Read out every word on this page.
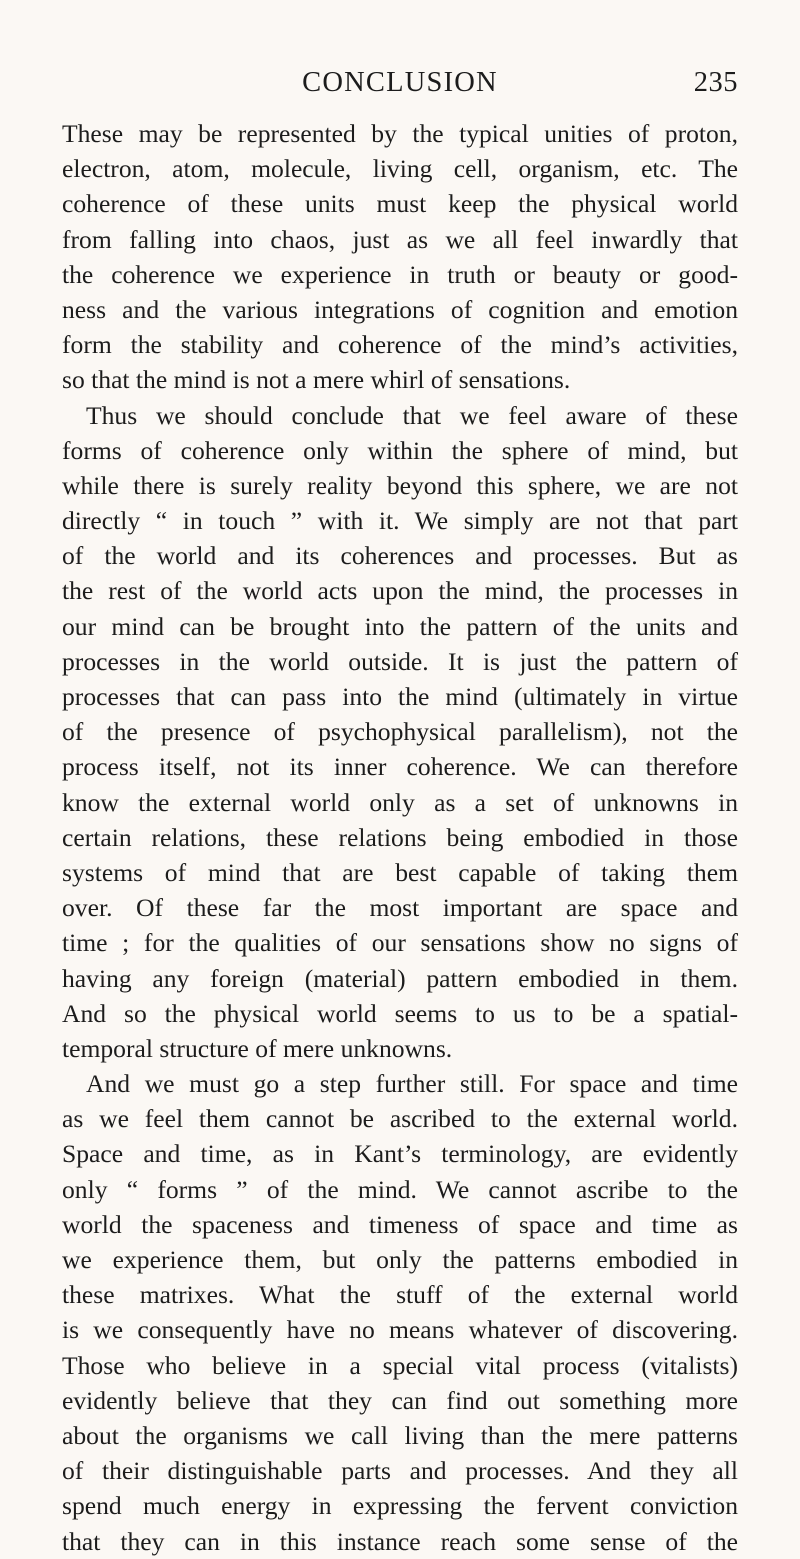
CONCLUSION	235
These may be represented by the typical unities of proton,
electron, atom, molecule, living cell, organism, etc. The
coherence of these units must keep the physical world
from falling into chaos, just as we all feel inwardly that
the coherence we experience in truth or beauty or good-
ness and the various integrations of cognition and emotion
form the stability and coherence of the mind’s activities,
so that the mind is not a mere whirl of sensations.
Thus we should conclude that we feel aware of these
forms of coherence only within the sphere of mind, but
while there is surely reality beyond this sphere, we are not
directly “ in touch ” with it. We simply are not that part
of the world and its coherences and processes. But as
the rest of the world acts upon the mind, the processes in
our mind can be brought into the pattern of the units and
processes in the world outside. It is just the pattern of
processes that can pass into the mind (ultimately in virtue
of the presence of psychophysical parallelism), not the
process itself, not its inner coherence. We can therefore
know the external world only as a set of unknowns in
certain relations, these relations being embodied in those
systems of mind that are best capable of taking them
over. Of these far the most important are space and
time ; for the qualities of our sensations show no signs of
having any foreign (material) pattern embodied in them.
And so the physical world seems to us to be a spatial-
temporal structure of mere unknowns.
And we must go a step further still. For space and time
as we feel them cannot be ascribed to the external world.
Space and time, as in Kant’s terminology, are evidently
only “ forms ” of the mind. We cannot ascribe to the
world the spaceness and timeness of space and time as
we experience them, but only the patterns embodied in
these matrixes. What the stuff of the external world
is we consequently have no means whatever of discovering.
Those who believe in a special vital process (vitalists)
evidently believe that they can find out something more
about the organisms we call living than the mere patterns
of their distinguishable parts and processes. And they all
spend much energy in expressing the fervent conviction
that they can in this instance reach some sense of the
